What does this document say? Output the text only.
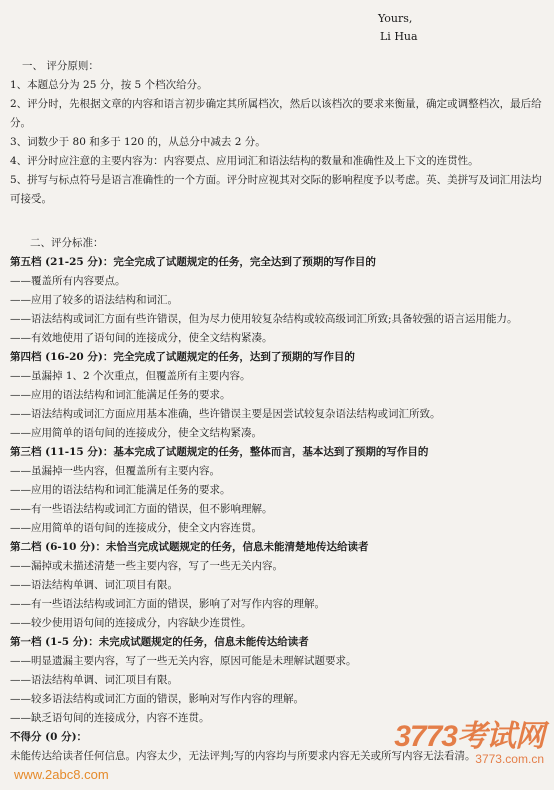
Yours,
Li Hua
一、 评分原则：
1、本题总分为 25 分，按 5 个档次给分。
2、评分时，先根据文章的内容和语言初步确定其所属档次，然后以该档次的要求来衡量，确定或调整档次，最后给分。
3、词数少于 80 和多于 120 的，从总分中减去 2 分。
4、评分时应注意的主要内容为：内容要点、应用词汇和语法结构的数量和准确性及上下文的连贯性。
5、拼写与标点符号是语言准确性的一个方面。评分时应视其对交际的影响程度予以考虑。英、美拼写及词汇用法均可接受。
二、评分标准：
第五档 (21-25 分)：完全完成了试题规定的任务，完全达到了预期的写作目的
——覆盖所有内容要点。
——应用了较多的语法结构和词汇。
——语法结构或词汇方面有些许错误，但为尽力使用较复杂结构或较高级词汇所致;具备较强的语言运用能力。
——有效地使用了语句间的连接成分，使全文结构紧凑。
第四档 (16-20 分)：完全完成了试题规定的任务，达到了预期的写作目的
——虽漏掉 1、2 个次重点，但覆盖所有主要内容。
——应用的语法结构和词汇能满足任务的要求。
——语法结构或词汇方面应用基本准确，些许错误主要是因尝试较复杂语法结构或词汇所致。
——应用简单的语句间的连接成分，使全文结构紧凑。
第三档 (11-15 分)：基本完成了试题规定的任务，整体而言，基本达到了预期的写作目的
——虽漏掉一些内容，但覆盖所有主要内容。
——应用的语法结构和词汇能满足任务的要求。
——有一些语法结构或词汇方面的错误，但不影响理解。
——应用简单的语句间的连接成分，使全文内容连贯。
第二档 (6-10 分)：未恰当完成试题规定的任务，信息未能清楚地传达给读者
——漏掉或未描述清楚一些主要内容，写了一些无关内容。
——语法结构单调、词汇项目有限。
——有一些语法结构或词汇方面的错误，影响了对写作内容的理解。
——较少使用语句间的连接成分，内容缺少连贯性。
第一档 (1-5 分)：未完成试题规定的任务，信息未能传达给读者
——明显遗漏主要内容，写了一些无关内容，原因可能是未理解试题要求。
——语法结构单调、词汇项目有限。
——较多语法结构或词汇方面的错误，影响对写作内容的理解。
——缺乏语句间的连接成分，内容不连贯。
不得分 (0 分)：
未能传达给读者任何信息。内容太少，无法评判;写的内容均与所要求内容无关或所写内容无法看清。
www.2abc8.com
3773考试网
3773.com.cn
